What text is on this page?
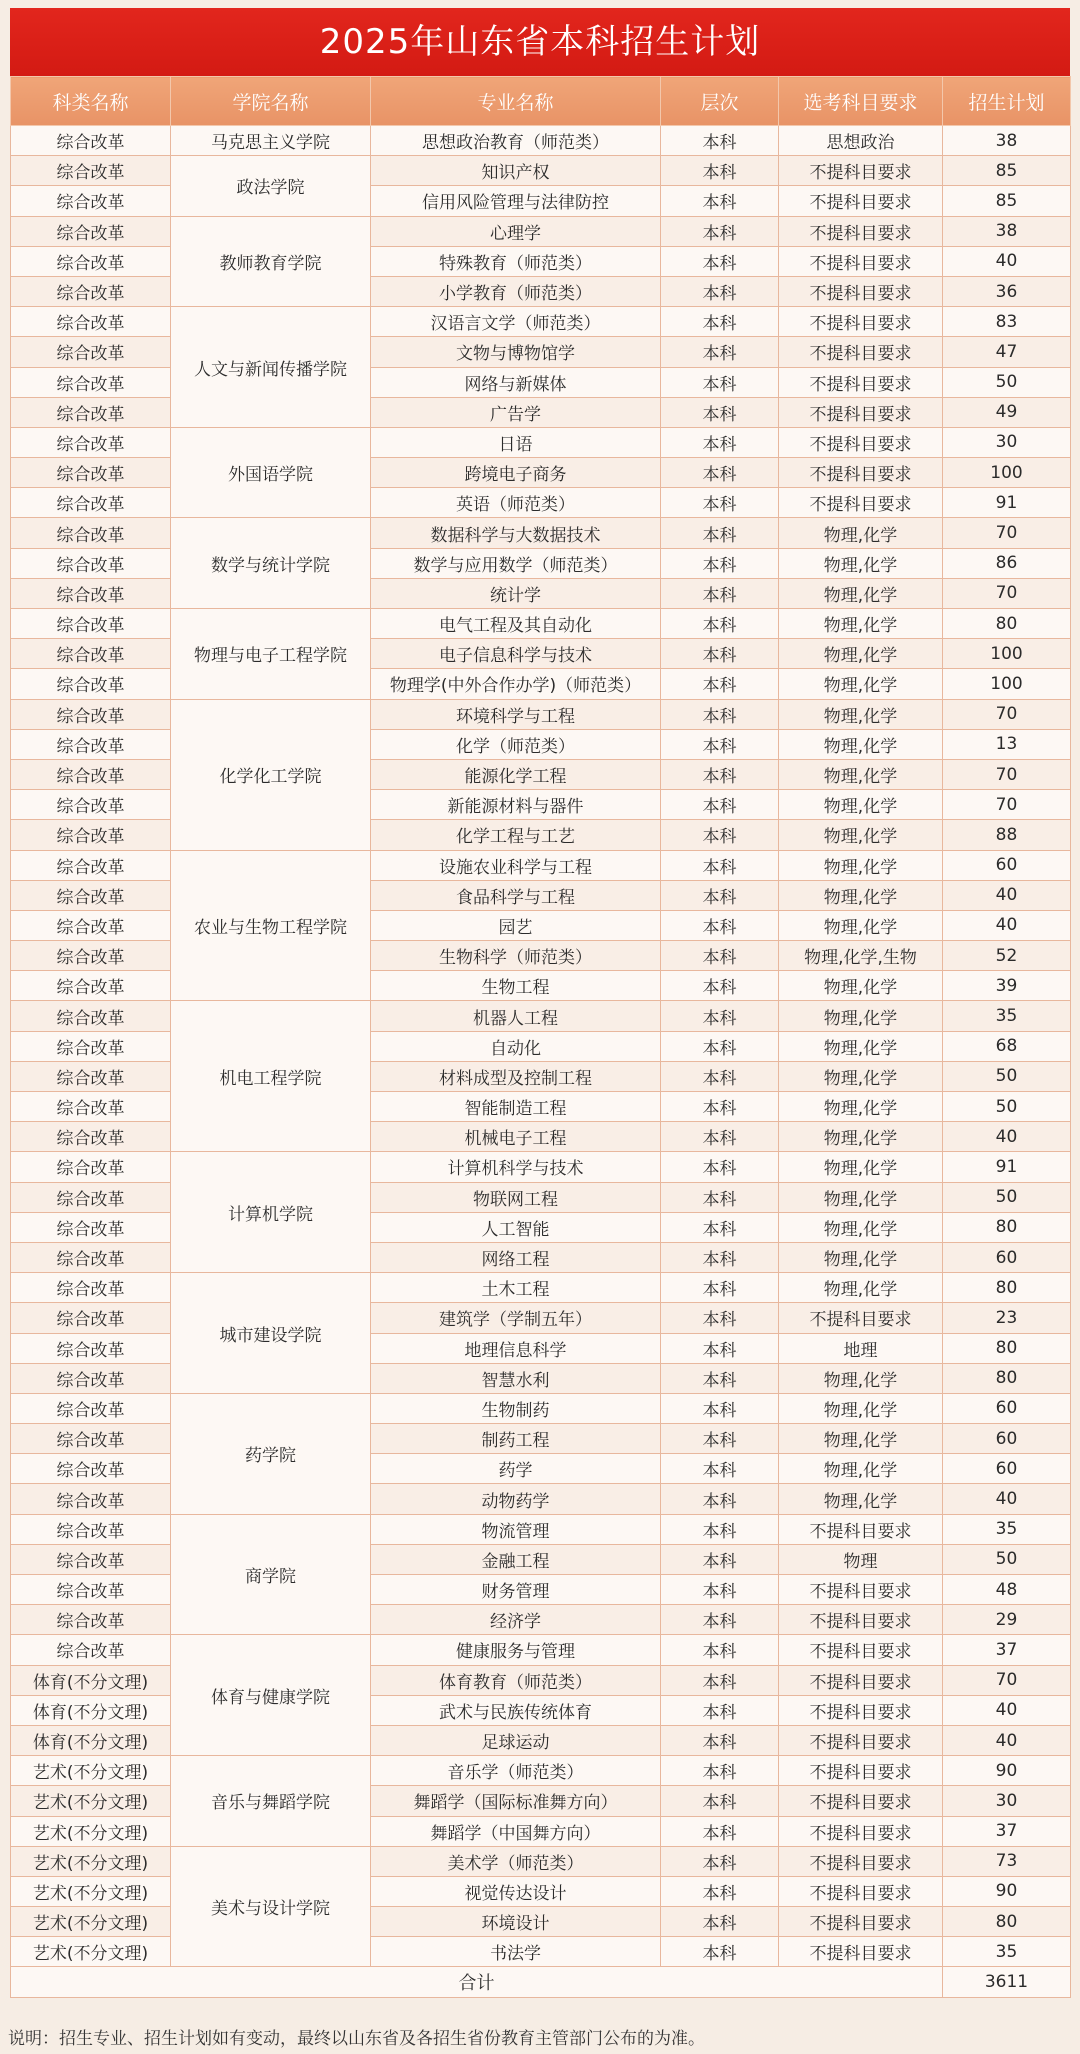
2025年山东省本科招生计划
科类名称	学院名称	专业名称	层次	选考科目要求	招生计划
综合改革	马克思主义学院	思想政治教育（师范类）	本科	思想政治	38
综合改革	政法学院	知识产权	本科	不提科目要求	85
综合改革		信用风险管理与法律防控	本科	不提科目要求	85
综合改革	教师教育学院	心理学	本科	不提科目要求	38
综合改革		特殊教育（师范类）	本科	不提科目要求	40
综合改革		小学教育（师范类）	本科	不提科目要求	36
综合改革	人文与新闻传播学院	汉语言文学（师范类）	本科	不提科目要求	83
综合改革		文物与博物馆学	本科	不提科目要求	47
综合改革		网络与新媒体	本科	不提科目要求	50
综合改革		广告学	本科	不提科目要求	49
综合改革	外国语学院	日语	本科	不提科目要求	30
综合改革		跨境电子商务	本科	不提科目要求	100
综合改革		英语（师范类）	本科	不提科目要求	91
综合改革	数学与统计学院	数据科学与大数据技术	本科	物理,化学	70
综合改革		数学与应用数学（师范类）	本科	物理,化学	86
综合改革		统计学	本科	物理,化学	70
综合改革	物理与电子工程学院	电气工程及其自动化	本科	物理,化学	80
综合改革		电子信息科学与技术	本科	物理,化学	100
综合改革		物理学(中外合作办学)（师范类）	本科	物理,化学	100
综合改革	化学化工学院	环境科学与工程	本科	物理,化学	70
综合改革		化学（师范类）	本科	物理,化学	13
综合改革		能源化学工程	本科	物理,化学	70
综合改革		新能源材料与器件	本科	物理,化学	70
综合改革		化学工程与工艺	本科	物理,化学	88
综合改革	农业与生物工程学院	设施农业科学与工程	本科	物理,化学	60
综合改革		食品科学与工程	本科	物理,化学	40
综合改革		园艺	本科	物理,化学	40
综合改革		生物科学（师范类）	本科	物理,化学,生物	52
综合改革		生物工程	本科	物理,化学	39
综合改革	机电工程学院	机器人工程	本科	物理,化学	35
综合改革		自动化	本科	物理,化学	68
综合改革		材料成型及控制工程	本科	物理,化学	50
综合改革		智能制造工程	本科	物理,化学	50
综合改革		机械电子工程	本科	物理,化学	40
综合改革	计算机学院	计算机科学与技术	本科	物理,化学	91
综合改革		物联网工程	本科	物理,化学	50
综合改革		人工智能	本科	物理,化学	80
综合改革		网络工程	本科	物理,化学	60
综合改革	城市建设学院	土木工程	本科	物理,化学	80
综合改革		建筑学（学制五年）	本科	不提科目要求	23
综合改革		地理信息科学	本科	地理	80
综合改革		智慧水利	本科	物理,化学	80
综合改革	药学院	生物制药	本科	物理,化学	60
综合改革		制药工程	本科	物理,化学	60
综合改革		药学	本科	物理,化学	60
综合改革		动物药学	本科	物理,化学	40
综合改革	商学院	物流管理	本科	不提科目要求	35
综合改革		金融工程	本科	物理	50
综合改革		财务管理	本科	不提科目要求	48
综合改革		经济学	本科	不提科目要求	29
综合改革	体育与健康学院	健康服务与管理	本科	不提科目要求	37
体育(不分文理)		体育教育（师范类）	本科	不提科目要求	70
体育(不分文理)		武术与民族传统体育	本科	不提科目要求	40
体育(不分文理)		足球运动	本科	不提科目要求	40
艺术(不分文理)	音乐与舞蹈学院	音乐学（师范类）	本科	不提科目要求	90
艺术(不分文理)		舞蹈学（国际标准舞方向）	本科	不提科目要求	30
艺术(不分文理)		舞蹈学（中国舞方向）	本科	不提科目要求	37
艺术(不分文理)	美术与设计学院	美术学（师范类）	本科	不提科目要求	73
艺术(不分文理)		视觉传达设计	本科	不提科目要求	90
艺术(不分文理)		环境设计	本科	不提科目要求	80
艺术(不分文理)		书法学	本科	不提科目要求	35
合计					3611
说明：招生专业、招生计划如有变动，最终以山东省及各招生省份教育主管部门公布的为准。
